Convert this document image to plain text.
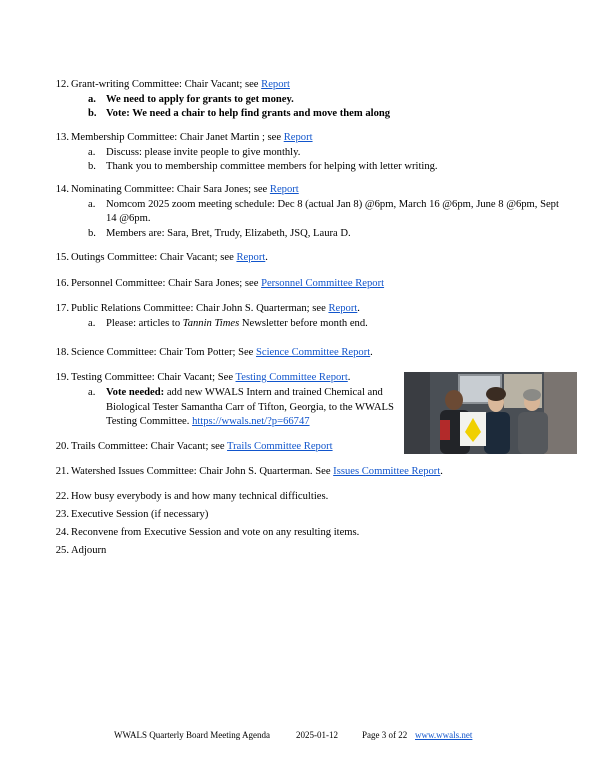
12. Grant-writing Committee: Chair Vacant; see Report
a. We need to apply for grants to get money.
b. Vote: We need a chair to help find grants and move them along
13. Membership Committee: Chair Janet Martin ; see Report
a.	Discuss: please invite people to give monthly.
b. Thank you to membership committee members for helping with letter writing.
14. Nominating Committee: Chair Sara Jones; see Report
a.	Nomcom 2025 zoom meeting schedule: Dec 8 (actual Jan 8) @6pm, March 16 @6pm, June 8 @6pm, Sept
14 @6pm.
b. Members are: Sara, Bret, Trudy, Elizabeth, JSQ, Laura D.
15. Outings Committee: Chair Vacant; see Report.
16. Personnel Committee: Chair Sara Jones; see Personnel Committee Report
17. Public Relations Committee: Chair John S. Quarterman; see Report.
a.	Please: articles to Tannin Times Newsletter before month end.
18. Science Committee: Chair Tom Potter; See Science Committee Report.
19. Testing Committee: Chair Vacant; See Testing Committee Report.
a.	Vote needed: add new WWALS Intern and trained Chemical and
Biological Tester Samantha Carr of Tifton, Georgia, to the WWALS
Testing Committee. https://wwals.net/?p=66747
20. Trails Committee: Chair Vacant; see Trails Committee Report
21. Watershed Issues Committee: Chair John S. Quarterman. See Issues Committee Report.
22. How busy everybody is and how many technical difficulties.
23. Executive Session (if necessary)
24. Reconvene from Executive Session and vote on any resulting items.
25. Adjourn
WWALS Quarterly Board Meeting Agenda	2025-01-12	Page 3 of 22 www.wwals.net
